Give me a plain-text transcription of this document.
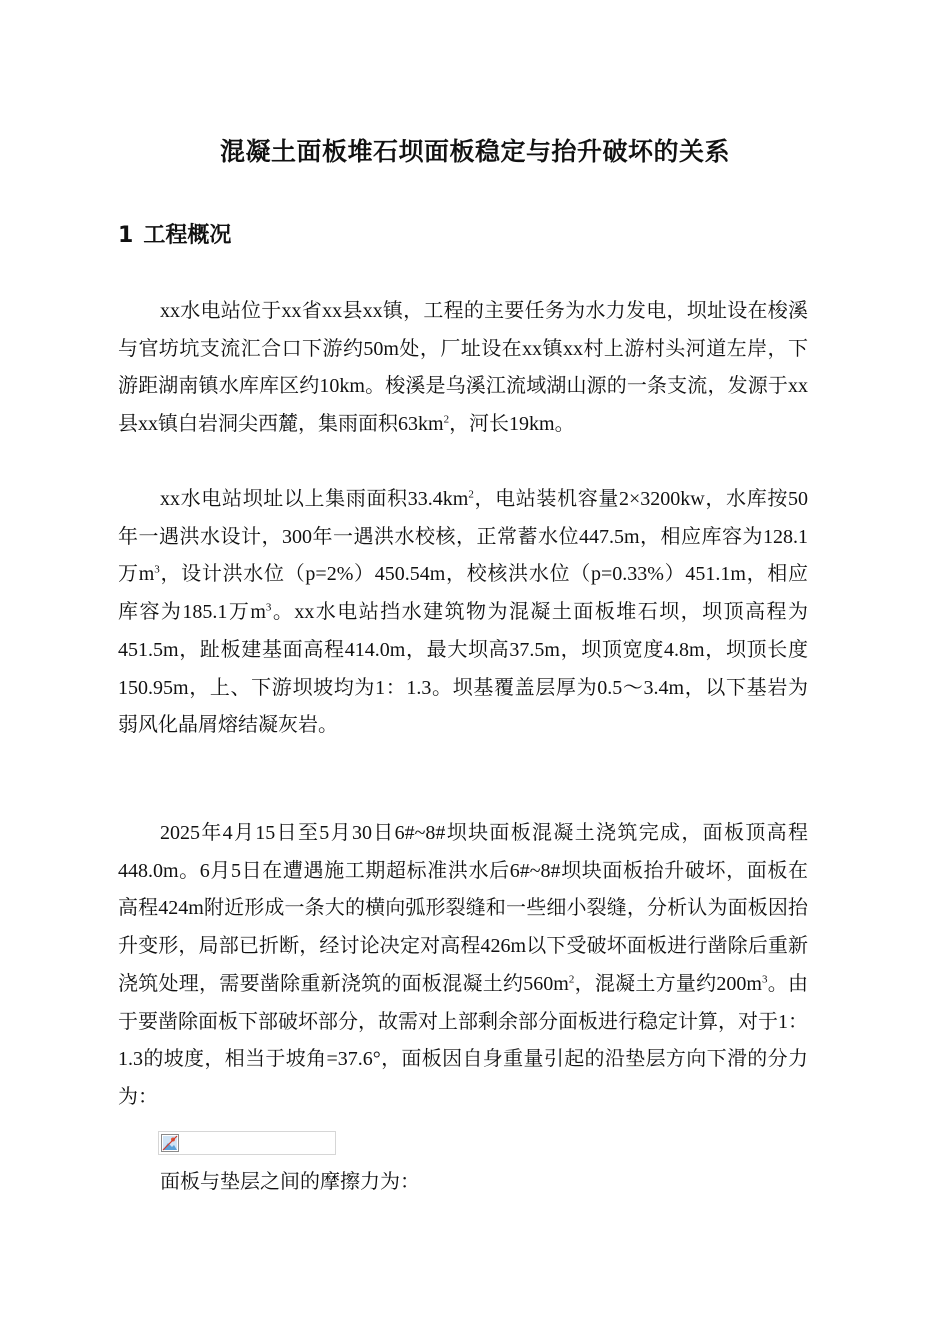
混凝土面板堆石坝面板稳定与抬升破坏的关系
1 工程概况

xx水电站位于xx省xx县xx镇，工程的主要任务为水力发电，坝址设在梭溪与官坊坑支流汇合口下游约50m处，厂址设在xx镇xx村上游村头河道左岸，下游距湖南镇水库库区约10km。梭溪是乌溪江流域湖山源的一条支流，发源于xx县xx镇白岩洞尖西麓，集雨面积$63km^2$，河长19km。

xx水电站坝址以上集雨面积$33.4km^2$，电站装机容量2×3200kw，水库按50年一遇洪水设计，300年一遇洪水校核，正常蓄水位447.5m，相应库容为128.1万$m^3$，设计洪水位（p=2%）450.54m，校核洪水位（p=0.33%）451.1m，相应库容为185.1万$m^3$。xx水电站挡水建筑物为混凝土面板堆石坝，坝顶高程为451.5m，趾板建基面高程414.0m，最大坝高37.5m，坝顶宽度4.8m，坝顶长度150.95m，上、下游坝坡均为1：1.3。坝基覆盖层厚为0.5～3.4m，以下基岩为弱风化晶屑熔结凝灰岩。

2025年4月15日至5月30日6#~8#坝块面板混凝土浇筑完成，面板顶高程448.0m。6月5日在遭遇施工期超标准洪水后6#~8#坝块面板抬升破坏，面板在高程424m附近形成一条大的横向弧形裂缝和一些细小裂缝，分析认为面板因抬升变形，局部已折断，经讨论决定对高程426m以下受破坏面板进行凿除后重新浇筑处理，需要凿除重新浇筑的面板混凝土约$560m^2$，混凝土方量约$200m^3$。由于要凿除面板下部破坏部分，故需对上部剩余部分面板进行稳定计算，对于1：1.3的坡度，相当于坡角=37.6°，面板因自身重量引起的沿垫层方向下滑的分力为：

面板与垫层之间的摩擦力为：
